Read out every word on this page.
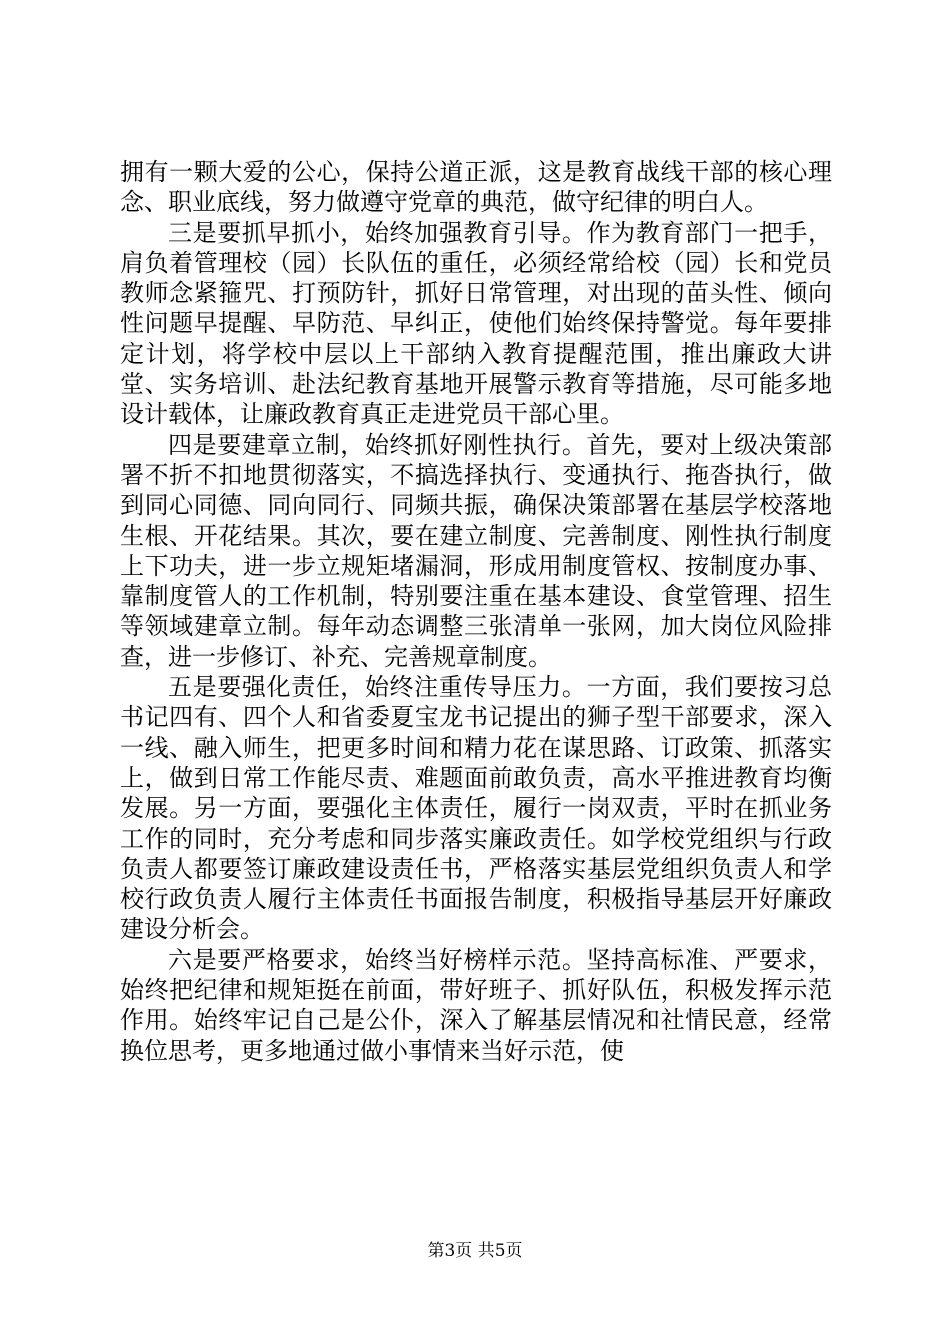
拥有一颗大爱的公心，保持公道正派，这是教育战线干部的核心理念、职业底线，努力做遵守党章的典范，做守纪律的明白人。

三是要抓早抓小，始终加强教育引导。作为教育部门一把手，肩负着管理校（园）长队伍的重任，必须经常给校（园）长和党员教师念紧箍咒、打预防针，抓好日常管理，对出现的苗头性、倾向性问题早提醒、早防范、早纠正，使他们始终保持警觉。每年要排定计划，将学校中层以上干部纳入教育提醒范围，推出廉政大讲堂、实务培训、赴法纪教育基地开展警示教育等措施，尽可能多地设计载体，让廉政教育真正走进党员干部心里。

四是要建章立制，始终抓好刚性执行。首先，要对上级决策部署不折不扣地贯彻落实，不搞选择执行、变通执行、拖沓执行，做到同心同德、同向同行、同频共振，确保决策部署在基层学校落地生根、开花结果。其次，要在建立制度、完善制度、刚性执行制度上下功夫，进一步立规矩堵漏洞，形成用制度管权、按制度办事、靠制度管人的工作机制，特别要注重在基本建设、食堂管理、招生等领域建章立制。每年动态调整三张清单一张网，加大岗位风险排查，进一步修订、补充、完善规章制度。

五是要强化责任，始终注重传导压力。一方面，我们要按习总书记四有、四个人和省委夏宝龙书记提出的狮子型干部要求，深入一线、融入师生，把更多时间和精力花在谋思路、订政策、抓落实上，做到日常工作能尽责、难题面前敢负责，高水平推进教育均衡发展。另一方面，要强化主体责任，履行一岗双责，平时在抓业务工作的同时，充分考虑和同步落实廉政责任。如学校党组织与行政负责人都要签订廉政建设责任书，严格落实基层党组织负责人和学校行政负责人履行主体责任书面报告制度，积极指导基层开好廉政建设分析会。

六是要严格要求，始终当好榜样示范。坚持高标准、严要求，始终把纪律和规矩挺在前面，带好班子、抓好队伍，积极发挥示范作用。始终牢记自己是公仆，深入了解基层情况和社情民意，经常换位思考，更多地通过做小事情来当好示范，使

第3页 共5页
